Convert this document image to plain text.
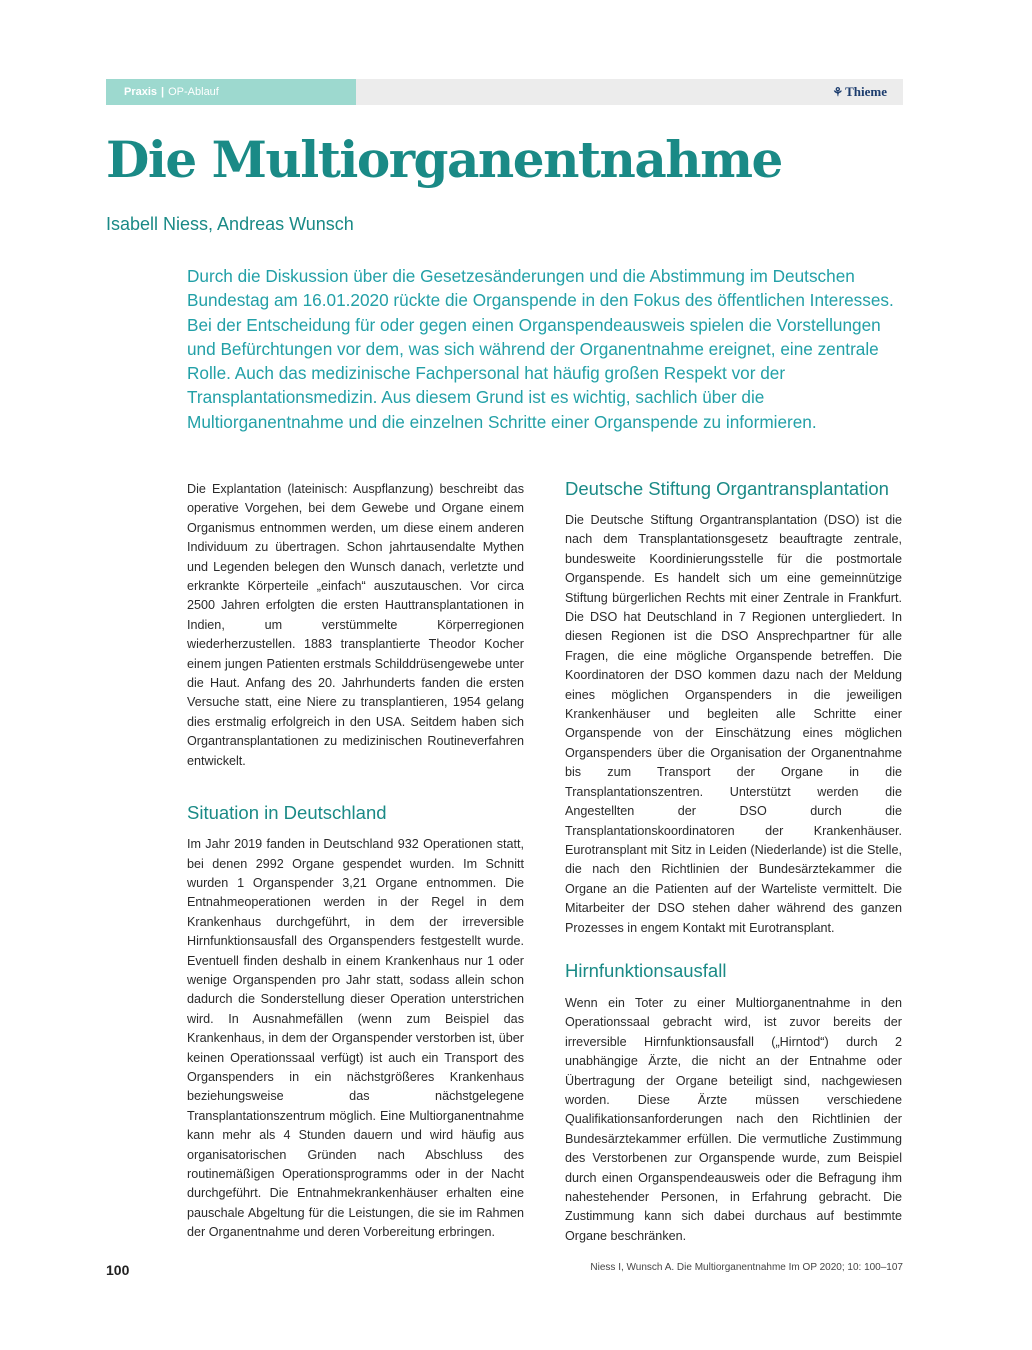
Praxis | OP-Ablauf	⚘ Thieme
Die Multiorganentnahme
Isabell Niess, Andreas Wunsch

Durch die Diskussion über die Gesetzesänderungen und die Abstimmung im Deutschen Bundestag am 16.01.2020 rückte die Organspende in den Fokus des öffentlichen Interesses. Bei der Entscheidung für oder gegen einen Organspendeausweis spielen die Vorstellungen und Befürchtungen vor dem, was sich während der Organentnahme ereignet, eine zentrale Rolle. Auch das medizinische Fachpersonal hat häufig großen Respekt vor der Transplantationsmedizin. Aus diesem Grund ist es wichtig, sachlich über die Multiorganentnahme und die einzelnen Schritte einer Organspende zu informieren.

Die Explantation (lateinisch: Auspflanzung) beschreibt das operative Vorgehen, bei dem Gewebe und Organe einem Organismus entnommen werden, um diese einem anderen Individuum zu übertragen. Schon jahrtausendalte Mythen und Legenden belegen den Wunsch danach, verletzte und erkrankte Körperteile „einfach“ auszutauschen. Vor circa 2500 Jahren erfolgten die ersten Hauttransplantationen in Indien, um verstümmelte Körperregionen wiederherzustellen. 1883 transplantierte Theodor Kocher einem jungen Patienten erstmals Schilddrüsengewebe unter die Haut. Anfang des 20. Jahrhunderts fanden die ersten Versuche statt, eine Niere zu transplantieren, 1954 gelang dies erstmalig erfolgreich in den USA. Seitdem haben sich Organtransplantationen zu medizinischen Routineverfahren entwickelt.

Situation in Deutschland

Im Jahr 2019 fanden in Deutschland 932 Operationen statt, bei denen 2992 Organe gespendet wurden. Im Schnitt wurden 1 Organspender 3,21 Organe entnommen. Die Entnahmeoperationen werden in der Regel in dem Krankenhaus durchgeführt, in dem der irreversible Hirnfunktionsausfall des Organspenders festgestellt wurde. Eventuell finden deshalb in einem Krankenhaus nur 1 oder wenige Organspenden pro Jahr statt, sodass allein schon dadurch die Sonderstellung dieser Operation unterstrichen wird. In Ausnahmefällen (wenn zum Beispiel das Krankenhaus, in dem der Organspender verstorben ist, über keinen Operationssaal verfügt) ist auch ein Transport des Organspenders in ein nächstgrößeres Krankenhaus beziehungsweise das nächstgelegene Transplantationszentrum möglich. Eine Multiorganentnahme kann mehr als 4 Stunden dauern und wird häufig aus organisatorischen Gründen nach Abschluss des routinemäßigen Operationsprogramms oder in der Nacht durchgeführt. Die Entnahmekrankenhäuser erhalten eine pauschale Abgeltung für die Leistungen, die sie im Rahmen der Organentnahme und deren Vorbereitung erbringen.

Deutsche Stiftung Organtransplantation

Die Deutsche Stiftung Organtransplantation (DSO) ist die nach dem Transplantationsgesetz beauftragte zentrale, bundesweite Koordinierungsstelle für die postmortale Organspende. Es handelt sich um eine gemeinnützige Stiftung bürgerlichen Rechts mit einer Zentrale in Frankfurt. Die DSO hat Deutschland in 7 Regionen untergliedert. In diesen Regionen ist die DSO Ansprechpartner für alle Fragen, die eine mögliche Organspende betreffen. Die Koordinatoren der DSO kommen dazu nach der Meldung eines möglichen Organspenders in die jeweiligen Krankenhäuser und begleiten alle Schritte einer Organspende von der Einschätzung eines möglichen Organspenders über die Organisation der Organentnahme bis zum Transport der Organe in die Transplantationszentren. Unterstützt werden die Angestellten der DSO durch die Transplantationskoordinatoren der Krankenhäuser. Eurotransplant mit Sitz in Leiden (Niederlande) ist die Stelle, die nach den Richtlinien der Bundesärztekammer die Organe an die Patienten auf der Warteliste vermittelt. Die Mitarbeiter der DSO stehen daher während des ganzen Prozesses in engem Kontakt mit Eurotransplant.

Hirnfunktionsausfall

Wenn ein Toter zu einer Multiorganentnahme in den Operationssaal gebracht wird, ist zuvor bereits der irreversible Hirnfunktionsausfall („Hirntod“) durch 2 unabhängige Ärzte, die nicht an der Entnahme oder Übertragung der Organe beteiligt sind, nachgewiesen worden. Diese Ärzte müssen verschiedene Qualifikationsanforderungen nach den Richtlinien der Bundesärztekammer erfüllen. Die vermutliche Zustimmung des Verstorbenen zur Organspende wurde, zum Beispiel durch einen Organspendeausweis oder die Befragung ihm nahestehender Personen, in Erfahrung gebracht. Die Zustimmung kann sich dabei durchaus auf bestimmte Organe beschränken.

100	Niess I, Wunsch A. Die Multiorganentnahme Im OP 2020; 10: 100–107
